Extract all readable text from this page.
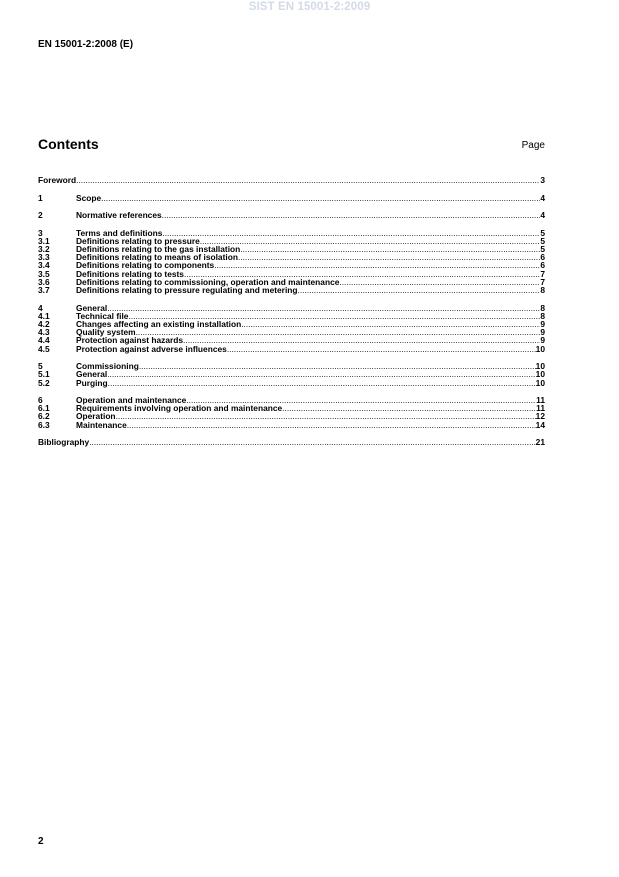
SIST EN 15001-2:2009
EN 15001-2:2008 (E)
Contents	Page
Foreword .....	3
1	Scope .....	4
2	Normative references .....	4
3	Terms and definitions .....	5
3.1	Definitions relating to pressure .....	5
3.2	Definitions relating to the gas installation .....	5
3.3	Definitions relating to means of isolation .....	6
3.4	Definitions relating to components .....	6
3.5	Definitions relating to tests .....	7
3.6	Definitions relating to commissioning, operation and maintenance .....	7
3.7	Definitions relating to pressure regulating and metering .....	8
4	General .....	8
4.1	Technical file .....	8
4.2	Changes affecting an existing installation .....	9
4.3	Quality system .....	9
4.4	Protection against hazards .....	9
4.5	Protection against adverse influences .....	10
5	Commissioning .....	10
5.1	General .....	10
5.2	Purging .....	10
6	Operation and maintenance .....	11
6.1	Requirements involving operation and maintenance .....	11
6.2	Operation .....	12
6.3	Maintenance .....	14
Bibliography .....	21
2
